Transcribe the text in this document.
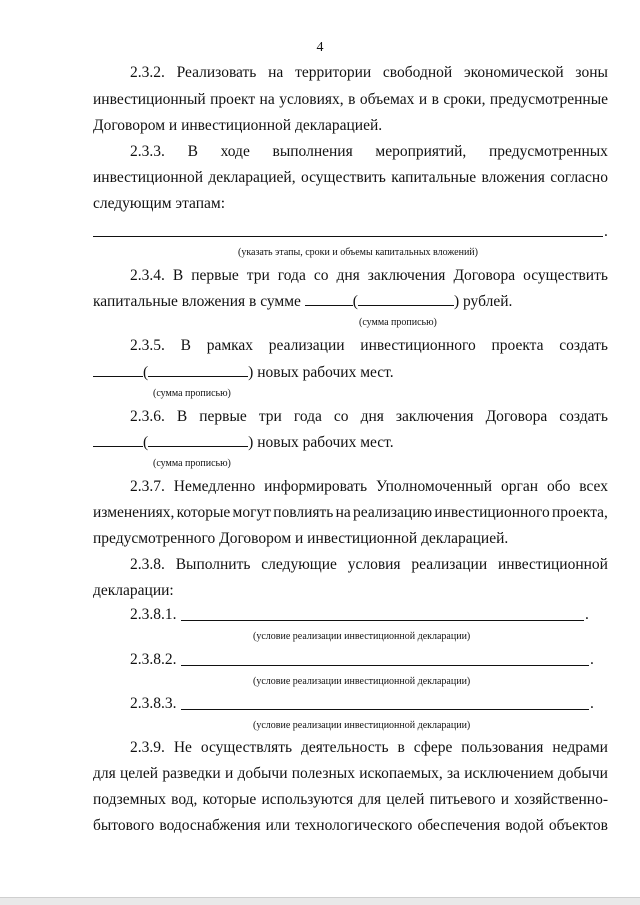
4
2.3.2. Реализовать на территории свободной экономической зоны
инвестиционный проект на условиях, в объемах и в сроки, предусмотренные
Договором и инвестиционной декларацией.
2.3.3. В ходе выполнения мероприятий, предусмотренных
инвестиционной декларацией, осуществить капитальные вложения согласно
следующим этапам:
.
(указать этапы, сроки и объемы капитальных вложений)
2.3.4. В первые три года со дня заключения Договора осуществить
капитальные вложения в сумме	(	) рублей.
(сумма прописью)
2.3.5. В рамках реализации инвестиционного проекта создать
(	) новых рабочих мест.
(сумма прописью)
2.3.6. В первые три года со дня заключения Договора создать
(	) новых рабочих мест.
(сумма прописью)
2.3.7. Немедленно информировать Уполномоченный орган обо всех
изменениях, которые могут повлиять на реализацию инвестиционного проекта,
предусмотренного Договором и инвестиционной декларацией.
2.3.8. Выполнить следующие условия реализации инвестиционной
декларации:
2.3.8.1.	.
(условие реализации инвестиционной декларации)
2.3.8.2.	.
(условие реализации инвестиционной декларации)
2.3.8.3.	.
(условие реализации инвестиционной декларации)
2.3.9. Не осуществлять деятельность в сфере пользования недрами
для целей разведки и добычи полезных ископаемых, за исключением добычи
подземных вод, которые используются для целей питьевого и хозяйственно-
бытового водоснабжения или технологического обеспечения водой объектов
